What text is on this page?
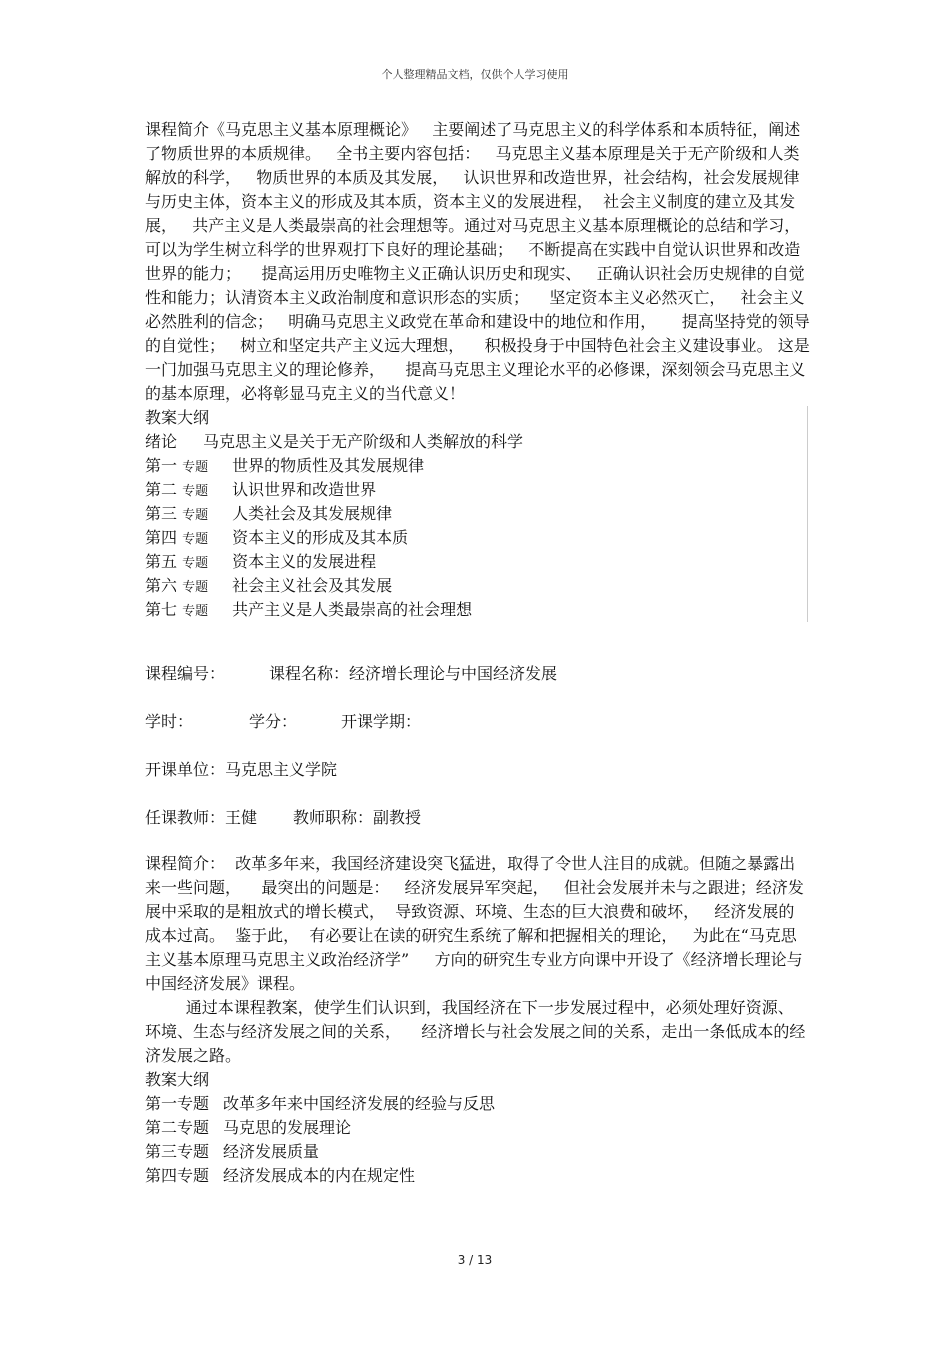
个人整理精品文档，仅供个人学习使用

课程简介《马克思主义基本原理概论》   主要阐述了马克思主义的科学体系和本质特征，阐述了物质世界的本质规律。   全书主要内容包括：   马克思主义基本原理是关于无产阶级和人类解放的科学，   物质世界的本质及其发展，   认识世界和改造世界，社会结构，社会发展规律与历史主体，资本主义的形成及其本质，资本主义的发展进程，  社会主义制度的建立及其发展，   共产主义是人类最崇高的社会理想等。通过对马克思主义基本原理概论的总结和学习，     可以为学生树立科学的世界观打下良好的理论基础；   不断提高在实践中自觉认识世界和改造世界的能力；    提高运用历史唯物主义正确认识历史和现实、   正确认识社会历史规律的自觉性和能力；认清资本主义政治制度和意识形态的实质；    坚定资本主义必然灭亡，   社会主义必然胜利的信念；   明确马克思主义政党在革命和建设中的地位和作用，     提高坚持党的领导的自觉性；   树立和坚定共产主义远大理想，    积极投身于中国特色社会主义建设事业。 这是一门加强马克思主义的理论修养，    提高马克思主义理论水平的必修课，深刻领会马克思主义的基本原理，必将彰显马克主义的当代意义！

教案大纲
绪论 马克思主义是关于无产阶级和人类解放的科学
第一 专题 世界的物质性及其发展规律
第二 专题 认识世界和改造世界
第三 专题 人类社会及其发展规律
第四 专题 资本主义的形成及其本质
第五 专题 资本主义的发展进程
第六 专题 社会主义社会及其发展
第七 专题 共产主义是人类最崇高的社会理想
课程编号：	课程名称：经济增长理论与中国经济发展
学时：	学分：	开课学期：
开课单位：马克思主义学院
任课教师：王健 教师职称：副教授

课程简介：  改革多年来，我国经济建设突飞猛进，取得了令世人注目的成就。但随之暴露出来一些问题，    最突出的问题是：   经济发展异军突起，   但社会发展并未与之跟进；经济发展中采取的是粗放式的增长模式，  导致资源、环境、生态的巨大浪费和破坏，   经济发展的成本过高。  鉴于此，  有必要让在读的研究生系统了解和把握相关的理论，   为此在“马克思主义基本原理马克思主义政治经济学”     方向的研究生专业方向课中开设了《经济增长理论与中国经济发展》课程。

通过本课程教案，使学生们认识到，我国经济在下一步发展过程中，必须处理好资源、 环境、生态与经济发展之间的关系，    经济增长与社会发展之间的关系，走出一条低成本的经济发展之路。

教案大纲
第一专题 改革多年来中国经济发展的经验与反思
第二专题 马克思的发展理论
第三专题 经济发展质量
第四专题 经济发展成本的内在规定性
3 / 13
